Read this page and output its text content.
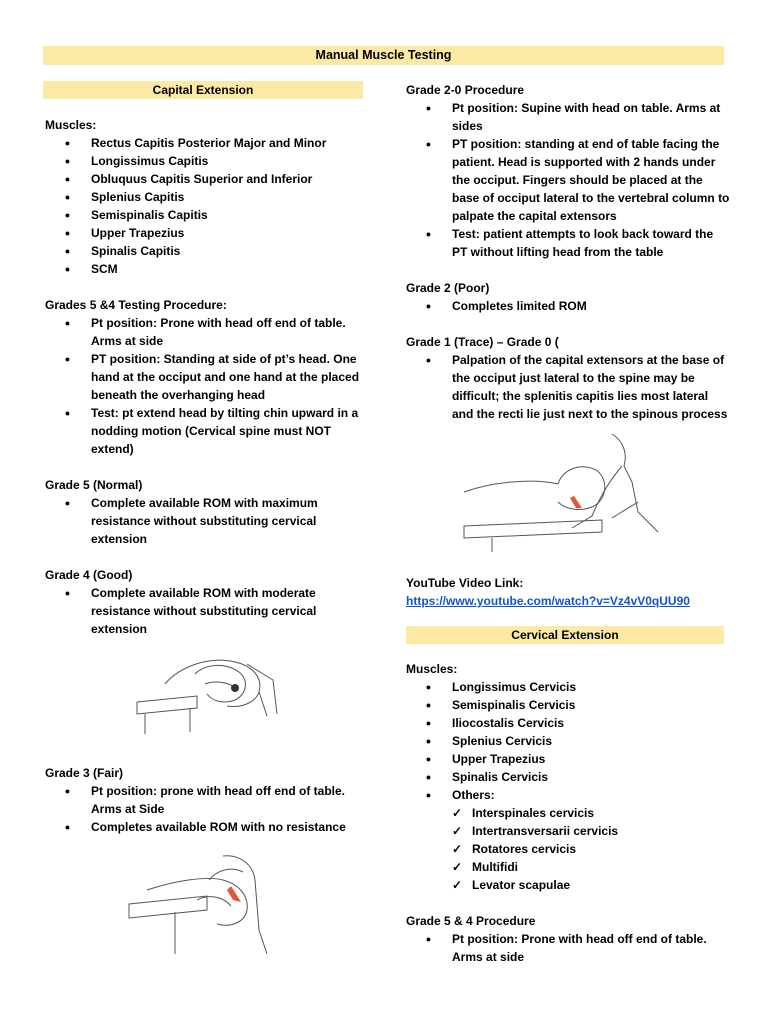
Manual Muscle Testing
Capital Extension

Muscles:

• Rectus Capitis Posterior Major and Minor
• Longissimus Capitis
• Obluquus Capitis Superior and Inferior
• Splenius Capitis
• Semispinalis Capitis
• Upper Trapezius
• Spinalis Capitis
• SCM

Grades 5 &4 Testing Procedure:

• Pt position: Prone with head off end of table. Arms at side
• PT position: Standing at side of pt’s head. One hand at the occiput and one hand at the placed beneath the overhanging head
• Test: pt extend head by tilting chin upward in a nodding motion (Cervical spine must NOT extend)

Grade 5 (Normal)

• Complete available ROM with maximum resistance without substituting cervical extension

Grade 4 (Good)

• Complete available ROM with moderate resistance without substituting cervical extension

Grade 3 (Fair)

• Pt position: prone with head off end of table. Arms at Side
• Completes available ROM with no resistance

Grade 2-0 Procedure

• Pt position: Supine with head on table. Arms at sides
• PT position: standing at end of table facing the patient. Head is supported with 2 hands under the occiput. Fingers should be placed at the base of occiput lateral to the vertebral column to palpate the capital extensors
• Test: patient attempts to look back toward the PT without lifting head from the table

Grade 2 (Poor)

• Completes limited ROM

Grade 1 (Trace) – Grade 0 (

• Palpation of the capital extensors at the base of the occiput just lateral to the spine may be difficult; the splenitis capitis lies most lateral and the recti lie just next to the spinous process

YouTube Video Link:

https://www.youtube.com/watch?v=Vz4vV0qUU90
Cervical Extension

Muscles:

• Longissimus Cervicis
• Semispinalis Cervicis
• Iliocostalis Cervicis
• Splenius Cervicis
• Upper Trapezius
• Spinalis Cervicis
• Others:
✓ Interspinales cervicis
✓ Intertransversarii cervicis
✓ Rotatores cervicis
✓ Multifidi
✓ Levator scapulae

Grade 5 & 4 Procedure

• Pt position: Prone with head off end of table. Arms at side
